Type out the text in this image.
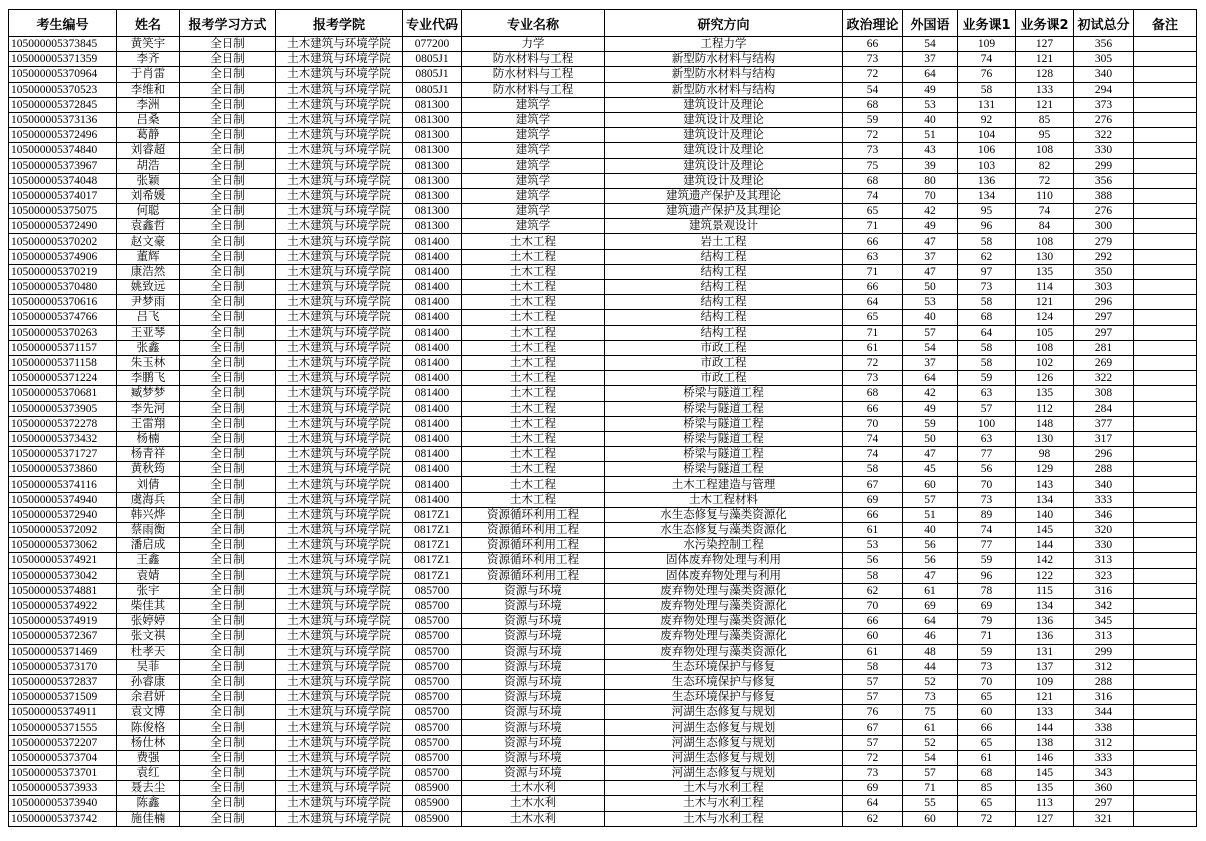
考生编号	姓名	报考学习方式	报考学院	专业代码	专业名称	研究方向	政治理论	外国语	业务课1	业务课2	初试总分	备注
105000005373845	黄笑宇	全日制	土木建筑与环境学院	077200	力学	工程力学	66	54	109	127	356	
105000005371359	李齐	全日制	土木建筑与环境学院	0805J1	防水材料与工程	新型防水材料与结构	73	37	74	121	305	
105000005370964	于肖雷	全日制	土木建筑与环境学院	0805J1	防水材料与工程	新型防水材料与结构	72	64	76	128	340	
105000005370523	李维和	全日制	土木建筑与环境学院	0805J1	防水材料与工程	新型防水材料与结构	54	49	58	133	294	
105000005372845	李洲	全日制	土木建筑与环境学院	081300	建筑学	建筑设计及理论	68	53	131	121	373	
105000005373136	吕桑	全日制	土木建筑与环境学院	081300	建筑学	建筑设计及理论	59	40	92	85	276	
105000005372496	葛静	全日制	土木建筑与环境学院	081300	建筑学	建筑设计及理论	72	51	104	95	322	
105000005374840	刘睿超	全日制	土木建筑与环境学院	081300	建筑学	建筑设计及理论	73	43	106	108	330	
105000005373967	胡浩	全日制	土木建筑与环境学院	081300	建筑学	建筑设计及理论	75	39	103	82	299	
105000005374048	张颖	全日制	土木建筑与环境学院	081300	建筑学	建筑设计及理论	68	80	136	72	356	
105000005374017	刘希媛	全日制	土木建筑与环境学院	081300	建筑学	建筑遗产保护及其理论	74	70	134	110	388	
105000005375075	何聪	全日制	土木建筑与环境学院	081300	建筑学	建筑遗产保护及其理论	65	42	95	74	276	
105000005372490	袁鑫哲	全日制	土木建筑与环境学院	081300	建筑学	建筑景观设计	71	49	96	84	300	
105000005370202	赵文豪	全日制	土木建筑与环境学院	081400	土木工程	岩土工程	66	47	58	108	279	
105000005374906	董辉	全日制	土木建筑与环境学院	081400	土木工程	结构工程	63	37	62	130	292	
105000005370219	康浩然	全日制	土木建筑与环境学院	081400	土木工程	结构工程	71	47	97	135	350	
105000005370480	姚致远	全日制	土木建筑与环境学院	081400	土木工程	结构工程	66	50	73	114	303	
105000005370616	尹梦雨	全日制	土木建筑与环境学院	081400	土木工程	结构工程	64	53	58	121	296	
105000005374766	吕飞	全日制	土木建筑与环境学院	081400	土木工程	结构工程	65	40	68	124	297	
105000005370263	王亚琴	全日制	土木建筑与环境学院	081400	土木工程	结构工程	71	57	64	105	297	
105000005371157	张鑫	全日制	土木建筑与环境学院	081400	土木工程	市政工程	61	54	58	108	281	
105000005371158	朱玉林	全日制	土木建筑与环境学院	081400	土木工程	市政工程	72	37	58	102	269	
105000005371224	李鹏飞	全日制	土木建筑与环境学院	081400	土木工程	市政工程	73	64	59	126	322	
105000005370681	臧梦梦	全日制	土木建筑与环境学院	081400	土木工程	桥梁与隧道工程	68	42	63	135	308	
105000005373905	李先河	全日制	土木建筑与环境学院	081400	土木工程	桥梁与隧道工程	66	49	57	112	284	
105000005372278	王雷翔	全日制	土木建筑与环境学院	081400	土木工程	桥梁与隧道工程	70	59	100	148	377	
105000005373432	杨楠	全日制	土木建筑与环境学院	081400	土木工程	桥梁与隧道工程	74	50	63	130	317	
105000005371727	杨青祥	全日制	土木建筑与环境学院	081400	土木工程	桥梁与隧道工程	74	47	77	98	296	
105000005373860	黄秋筠	全日制	土木建筑与环境学院	081400	土木工程	桥梁与隧道工程	58	45	56	129	288	
105000005374116	刘倩	全日制	土木建筑与环境学院	081400	土木工程	土木工程建造与管理	67	60	70	143	340	
105000005374940	虞海兵	全日制	土木建筑与环境学院	081400	土木工程	土木工程材料	69	57	73	134	333	
105000005372940	韩兴烨	全日制	土木建筑与环境学院	0817Z1	资源循环利用工程	水生态修复与藻类资源化	66	51	89	140	346	
105000005372092	蔡雨衡	全日制	土木建筑与环境学院	0817Z1	资源循环利用工程	水生态修复与藻类资源化	61	40	74	145	320	
105000005373062	潘启成	全日制	土木建筑与环境学院	0817Z1	资源循环利用工程	水污染控制工程	53	56	77	144	330	
105000005374921	王鑫	全日制	土木建筑与环境学院	0817Z1	资源循环利用工程	固体废弃物处理与利用	56	56	59	142	313	
105000005373042	袁婧	全日制	土木建筑与环境学院	0817Z1	资源循环利用工程	固体废弃物处理与利用	58	47	96	122	323	
105000005374881	张宇	全日制	土木建筑与环境学院	085700	资源与环境	废弃物处理与藻类资源化	62	61	78	115	316	
105000005374922	柴佳其	全日制	土木建筑与环境学院	085700	资源与环境	废弃物处理与藻类资源化	70	69	69	134	342	
105000005374919	张婷婷	全日制	土木建筑与环境学院	085700	资源与环境	废弃物处理与藻类资源化	66	64	79	136	345	
105000005372367	张文祺	全日制	土木建筑与环境学院	085700	资源与环境	废弃物处理与藻类资源化	60	46	71	136	313	
105000005371469	杜孝天	全日制	土木建筑与环境学院	085700	资源与环境	废弃物处理与藻类资源化	61	48	59	131	299	
105000005373170	吴菲	全日制	土木建筑与环境学院	085700	资源与环境	生态环境保护与修复	58	44	73	137	312	
105000005372837	孙睿康	全日制	土木建筑与环境学院	085700	资源与环境	生态环境保护与修复	57	52	70	109	288	
105000005371509	余君妍	全日制	土木建筑与环境学院	085700	资源与环境	生态环境保护与修复	57	73	65	121	316	
105000005374911	袁文博	全日制	土木建筑与环境学院	085700	资源与环境	河湖生态修复与规划	76	75	60	133	344	
105000005371555	陈俊格	全日制	土木建筑与环境学院	085700	资源与环境	河湖生态修复与规划	67	61	66	144	338	
105000005372207	杨仕林	全日制	土木建筑与环境学院	085700	资源与环境	河湖生态修复与规划	57	52	65	138	312	
105000005373704	费强	全日制	土木建筑与环境学院	085700	资源与环境	河湖生态修复与规划	72	54	61	146	333	
105000005373701	袁红	全日制	土木建筑与环境学院	085700	资源与环境	河湖生态修复与规划	73	57	68	145	343	
105000005373933	聂去尘	全日制	土木建筑与环境学院	085900	土木水利	土木与水利工程	69	71	85	135	360	
105000005373940	陈鑫	全日制	土木建筑与环境学院	085900	土木水利	土木与水利工程	64	55	65	113	297	
105000005373742	施佳楠	全日制	土木建筑与环境学院	085900	土木水利	土木与水利工程	62	60	72	127	321	
